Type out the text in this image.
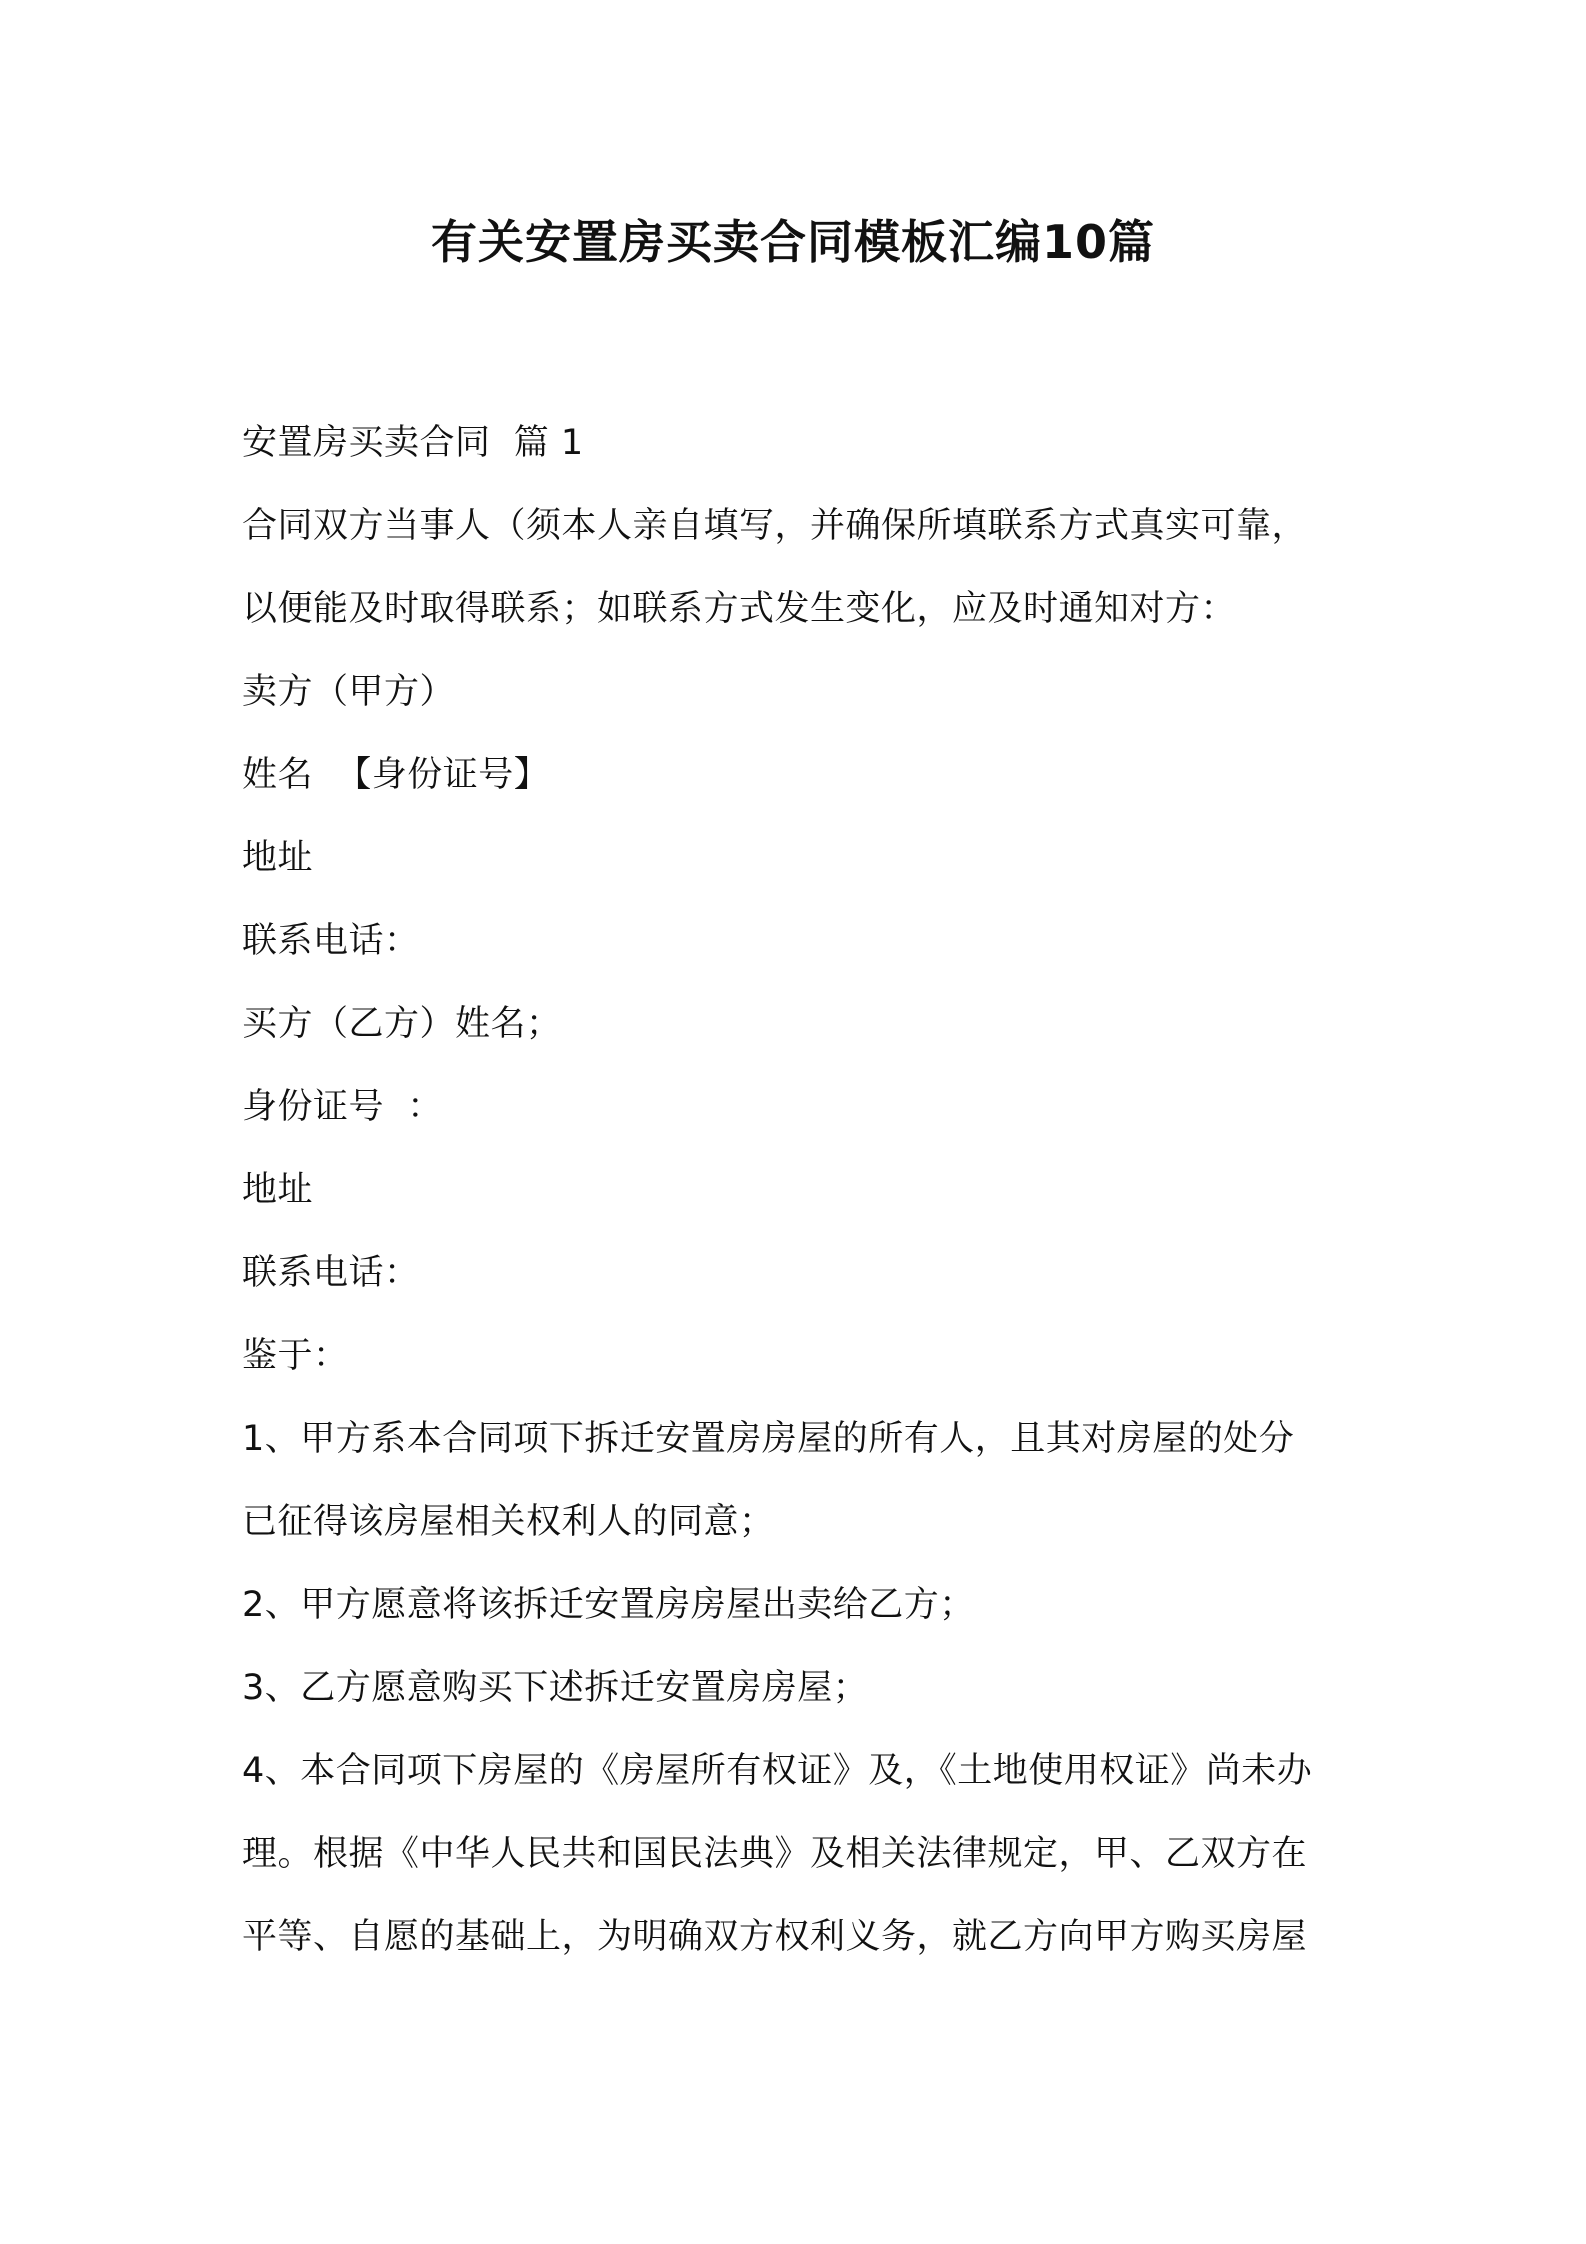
有关安置房买卖合同模板汇编10篇

安置房买卖合同  篇 1

合同双方当事人（须本人亲自填写，并确保所填联系方式真实可靠，

以便能及时取得联系；如联系方式发生变化，应及时通知对方：

卖方（甲方）

姓名  【身份证号】

地址

联系电话：

买方（乙方）姓名；

身份证号  ：

地址

联系电话：

鉴于：

1、甲方系本合同项下拆迁安置房房屋的所有人，且其对房屋的处分

已征得该房屋相关权利人的同意；

2、甲方愿意将该拆迁安置房房屋出卖给乙方；

3、乙方愿意购买下述拆迁安置房房屋；

4、本合同项下房屋的《房屋所有权证》及，《土地使用权证》尚未办

理。根据《中华人民共和国民法典》及相关法律规定，甲、乙双方在

平等、自愿的基础上，为明确双方权利义务，就乙方向甲方购买房屋
